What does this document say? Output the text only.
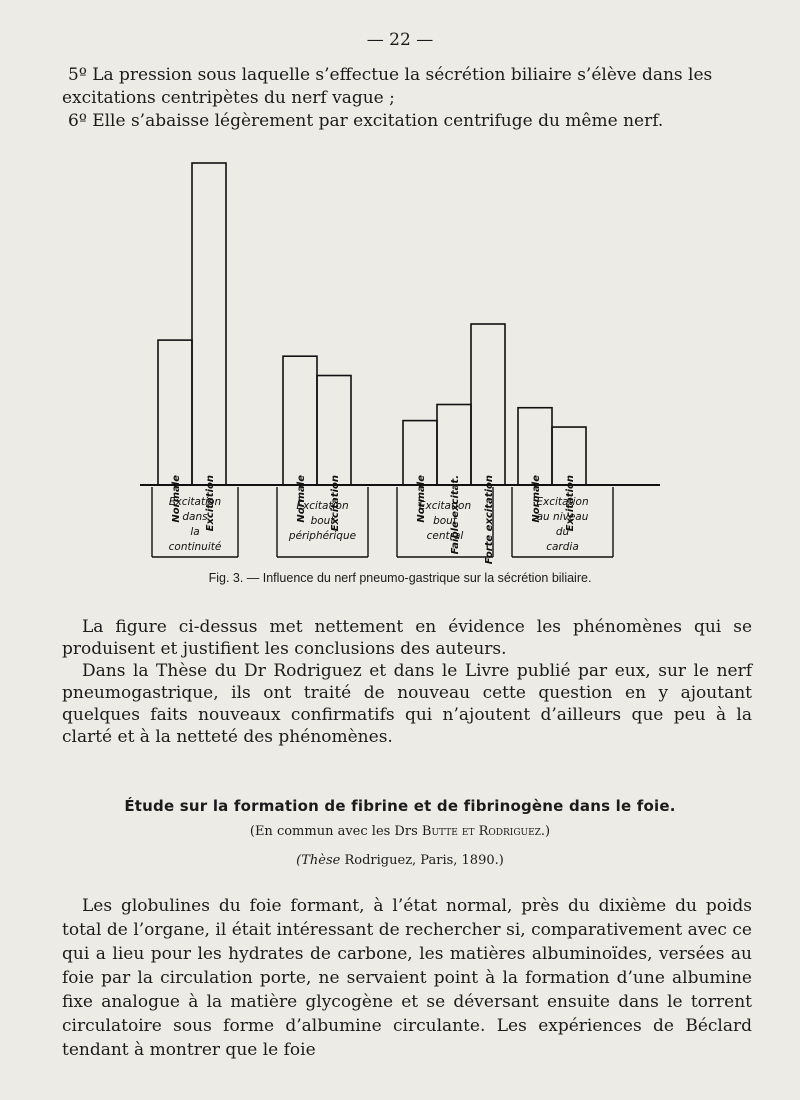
— 22 —

5º La pression sous laquelle s’effectue la sécrétion biliaire s’élève dans les excitations centripètes du nerf vague ;

6º Elle s’abaisse légèrement par excitation centrifuge du même nerf.

Normale Excitation	Normale Excitation	Normale Faible excitat. Forte excitation	Normale Excitation
Excitation
dans
la
continuité
Excitation
bout
périphérique
Excitation
bout
central
Excitation
au niveau
du
cardia
Fig. 3. — Influence du nerf pneumo-gastrique sur la sécrétion biliaire.

La figure ci-dessus met nettement en évidence les phénomènes qui se produisent et justifient les conclusions des auteurs.

Dans la Thèse du Dr Rodriguez et dans le Livre publié par eux, sur le nerf pneumogastrique, ils ont traité de nouveau cette question en y ajoutant quelques faits nouveaux confirmatifs qui n’ajoutent d’ailleurs que peu à la clarté et à la netteté des phénomènes.

Étude sur la formation de fibrine et de fibrinogène dans le foie.
(En commun avec les Drs Butte et Rodriguez.)
(Thèse Rodriguez, Paris, 1890.)

Les globulines du foie formant, à l’état normal, près du dixième du poids total de l’organe, il était intéressant de rechercher si, comparativement avec ce qui a lieu pour les hydrates de carbone, les matières albuminoïdes, versées au foie par la circulation porte, ne servaient point à la formation d’une albumine fixe analogue à la matière glycogène et se déversant ensuite dans le torrent circulatoire sous forme d’albumine circulante. Les expériences de Béclard tendant à montrer que le foie
